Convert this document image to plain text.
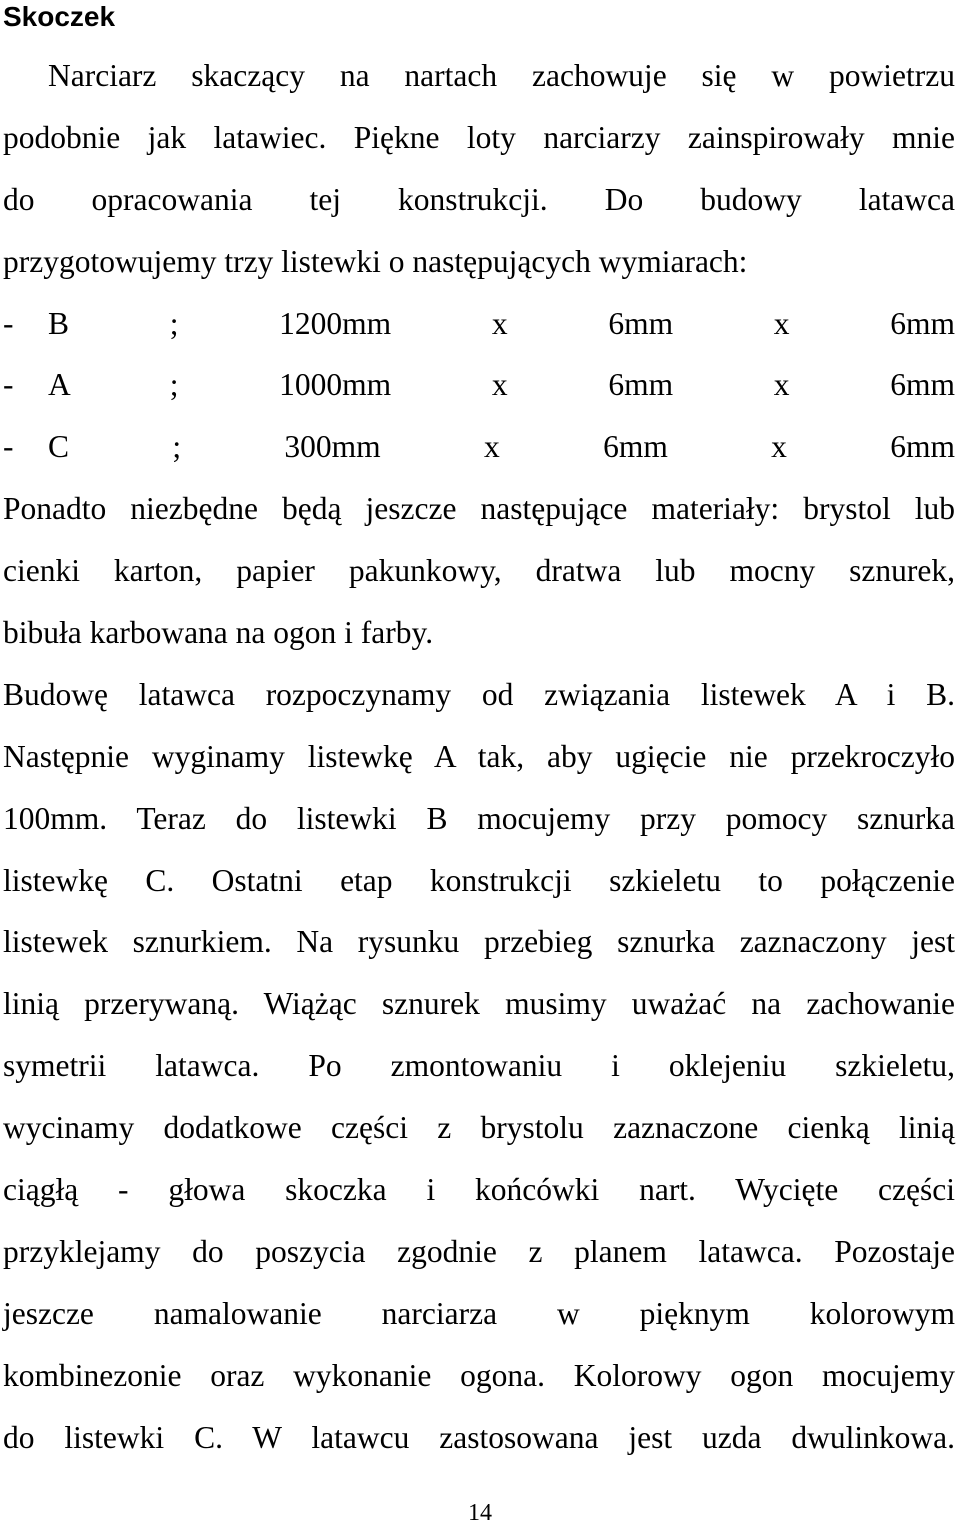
Skoczek
Narciarz skaczący na nartach zachowuje się w powietrzu
podobnie jak latawiec. Piękne loty narciarzy zainspirowały mnie
do opracowania tej konstrukcji. Do budowy latawca
przygotowujemy trzy listewki o następujących wymiarach:
- B ; 1200mm x 6mm x 6mm
- A ; 1000mm x 6mm x 6mm
- C ; 300mm x 6mm x 6mm
Ponadto niezbędne będą jeszcze następujące materiały: brystol lub
cienki karton, papier pakunkowy, dratwa lub mocny sznurek,
bibuła karbowana na ogon i farby.
Budowę latawca rozpoczynamy od związania listewek A i B.
Następnie wyginamy listewkę A tak, aby ugięcie nie przekroczyło
100mm. Teraz do listewki B mocujemy przy pomocy sznurka
listewkę C. Ostatni etap konstrukcji szkieletu to połączenie
listewek sznurkiem. Na rysunku przebieg sznurka zaznaczony jest
linią przerywaną. Wiążąc sznurek musimy uważać na zachowanie
symetrii latawca. Po zmontowaniu i oklejeniu szkieletu,
wycinamy dodatkowe części z brystolu zaznaczone cienką linią
ciągłą - głowa skoczka i końcówki nart. Wycięte części
przyklejamy do poszycia zgodnie z planem latawca. Pozostaje
jeszcze namalowanie narciarza w pięknym kolorowym
kombinezonie oraz wykonanie ogona. Kolorowy ogon mocujemy
do listewki C. W latawcu zastosowana jest uzda dwulinkowa.
14
